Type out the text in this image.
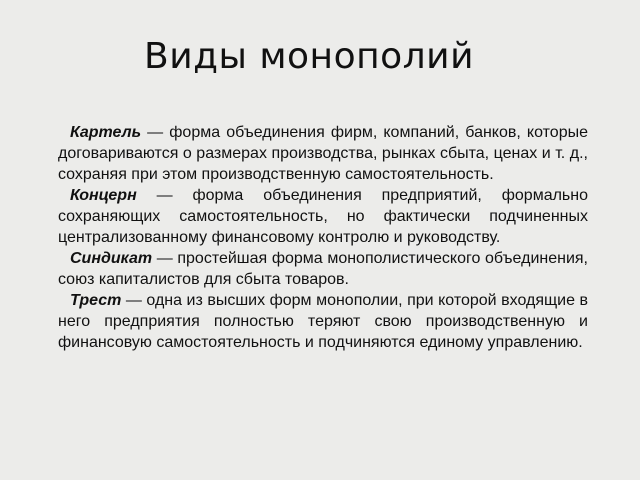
Виды монополий

Картель — форма объединения фирм, компаний, банков, которые договариваются о размерах производства, рынках сбыта, ценах и т. д., сохраняя при этом производственную самостоятельность.

Концерн — форма объединения предприятий, формально сохраняющих самостоятельность, но фактически подчиненных централизованному финансовому контролю и руководству.

Синдикат — простейшая форма монополистического объединения, союз капиталистов для сбыта товаров.

Трест — одна из высших форм монополии, при которой входящие в него предприятия полностью теряют свою производственную и финансовую самостоятельность и подчиняются единому управлению.
